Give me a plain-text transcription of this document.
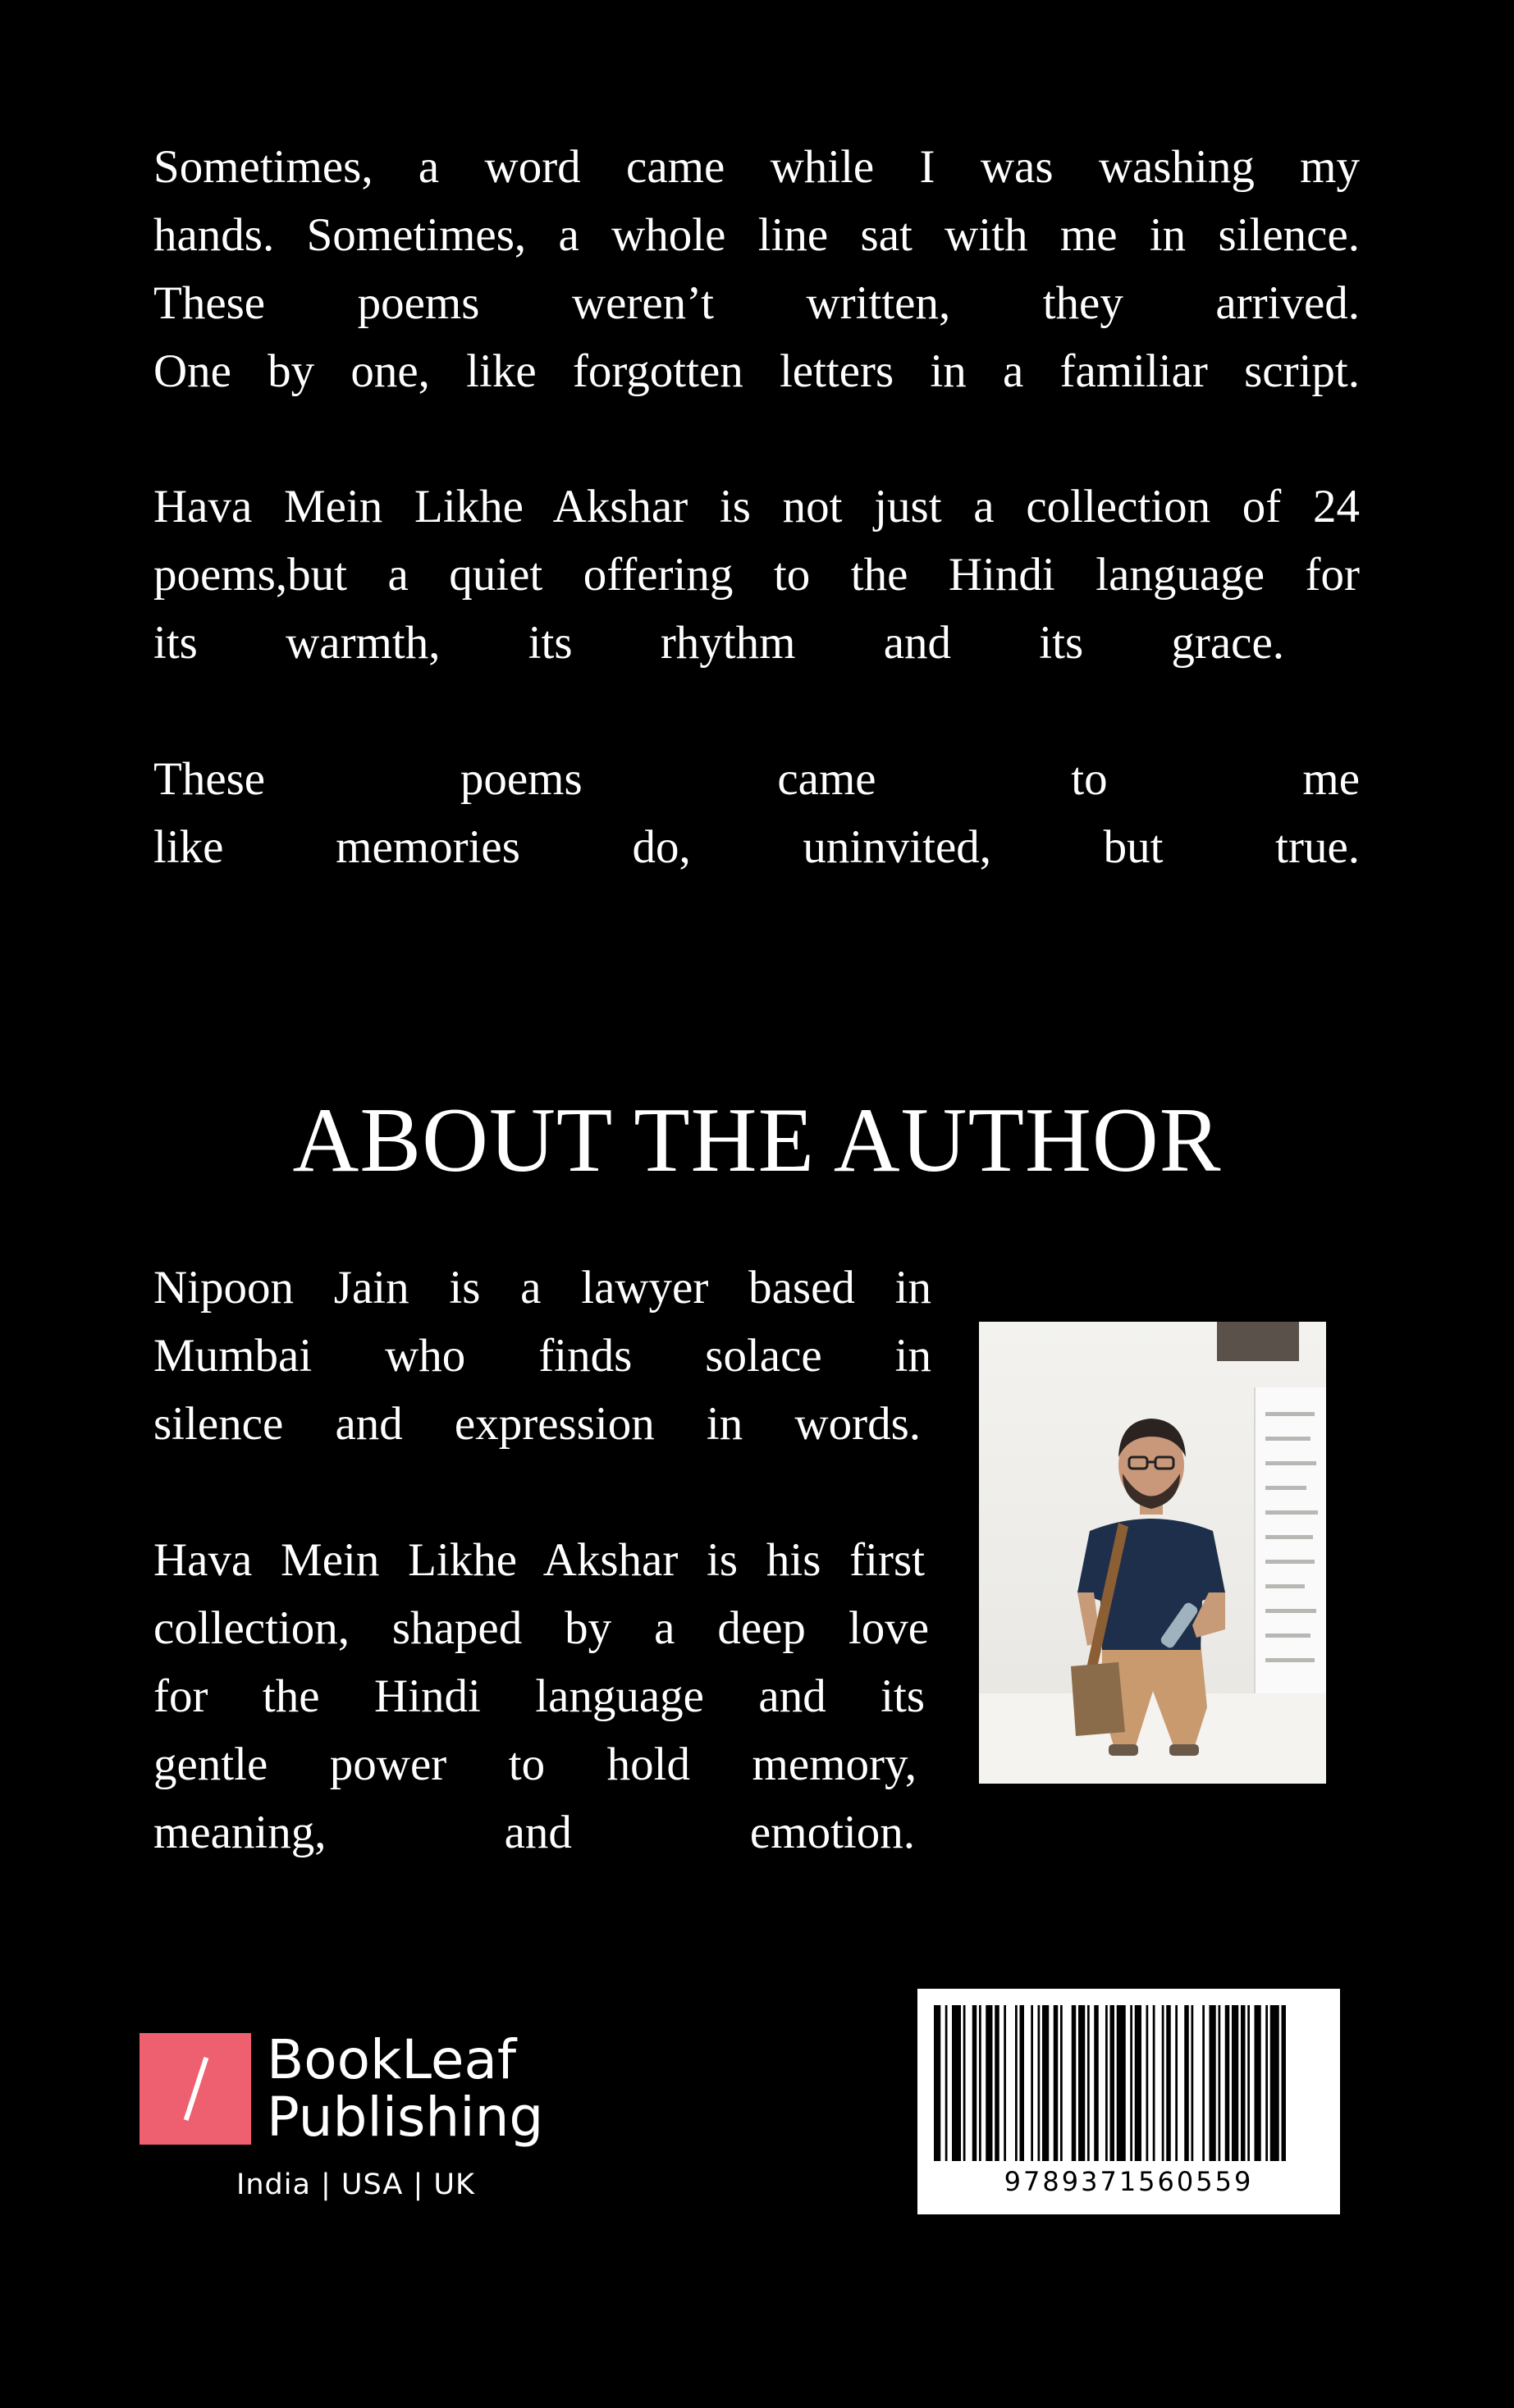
Sometimes, a word came while I was washing my
hands. Sometimes, a whole line sat with me in silence.
These poems weren’t written, they arrived.
One by one, like forgotten letters in a familiar script.
Hava Mein Likhe Akshar is not just a collection of 24
poems,but a quiet offering to the Hindi language for
its warmth, its rhythm and its grace.
These poems came to me
like memories do, uninvited, but true.
ABOUT THE AUTHOR
Nipoon Jain is a lawyer based in
Mumbai who finds solace in
silence and expression in words.
Hava Mein Likhe Akshar is his first
collection, shaped by a deep love
for the Hindi language and its
gentle power to hold memory,
meaning, and emotion.
BookLeaf
Publishing
India | USA | UK	9789371560559
